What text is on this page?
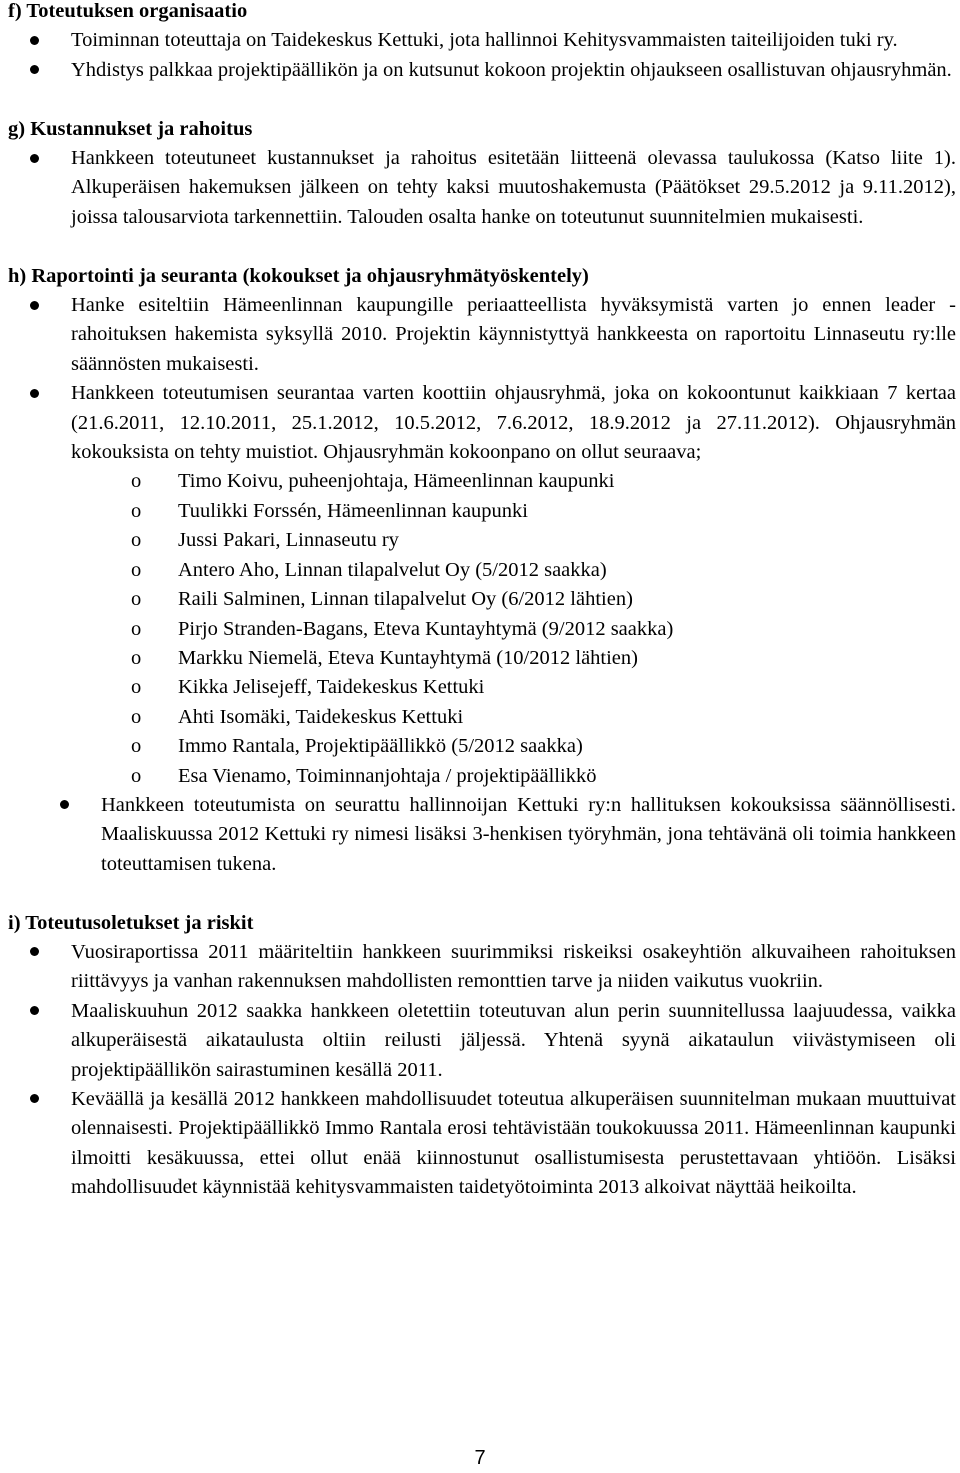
f) Toteutuksen organisaatio
Toiminnan toteuttaja on Taidekeskus Kettuki, jota hallinnoi Kehitysvammaisten taiteilijoiden tuki ry.
Yhdistys palkkaa projektipäällikön ja on kutsunut kokoon projektin ohjaukseen osallistuvan ohjausryhmän.
g) Kustannukset ja rahoitus
Hankkeen toteutuneet kustannukset ja rahoitus esitetään liitteenä olevassa taulukossa (Katso liite 1). Alkuperäisen hakemuksen jälkeen on tehty kaksi muutoshakemusta (Päätökset 29.5.2012 ja 9.11.2012), joissa talousarviota tarkennettiin. Talouden osalta hanke on toteutunut suunnitelmien mukaisesti.
h) Raportointi ja seuranta (kokoukset ja ohjausryhmätyöskentely)
Hanke esiteltiin Hämeenlinnan kaupungille periaatteellista hyväksymistä varten jo ennen leader -rahoituksen hakemista syksyllä 2010. Projektin käynnistyttyä hankkeesta on raportoitu Linnaseutu ry:lle säännösten mukaisesti.
Hankkeen toteutumisen seurantaa varten koottiin ohjausryhmä, joka on kokoontunut kaikkiaan 7 kertaa (21.6.2011, 12.10.2011, 25.1.2012, 10.5.2012, 7.6.2012, 18.9.2012 ja 27.11.2012). Ohjausryhmän kokouksista on tehty muistiot. Ohjausryhmän kokoonpano on ollut seuraava;
o Timo Koivu, puheenjohtaja, Hämeenlinnan kaupunki
o Tuulikki Forssén, Hämeenlinnan kaupunki
o Jussi Pakari, Linnaseutu ry
o Antero Aho, Linnan tilapalvelut Oy (5/2012 saakka)
o Raili Salminen, Linnan tilapalvelut Oy (6/2012 lähtien)
o Pirjo Stranden-Bagans, Eteva Kuntayhtymä (9/2012 saakka)
o Markku Niemelä, Eteva Kuntayhtymä (10/2012 lähtien)
o Kikka Jelisejeff, Taidekeskus Kettuki
o Ahti Isomäki, Taidekeskus Kettuki
o Immo Rantala, Projektipäällikkö (5/2012 saakka)
o Esa Vienamo, Toiminnanjohtaja / projektipäällikkö
Hankkeen toteutumista on seurattu hallinnoijan Kettuki ry:n hallituksen kokouksissa säännöllisesti. Maaliskuussa 2012 Kettuki ry nimesi lisäksi 3-henkisen työryhmän, jona tehtävänä oli toimia hankkeen toteuttamisen tukena.
i) Toteutusoletukset ja riskit
Vuosiraportissa 2011 määriteltiin hankkeen suurimmiksi riskeiksi osakeyhtiön alkuvaiheen rahoituksen riittävyys ja vanhan rakennuksen mahdollisten remonttien tarve ja niiden vaikutus vuokriin.
Maaliskuuhun 2012 saakka hankkeen oletettiin toteutuvan alun perin suunnitellussa laajuudessa, vaikka alkuperäisestä aikataulusta oltiin reilusti jäljessä. Yhtenä syynä aikataulun viivästymiseen oli projektipäällikön sairastuminen kesällä 2011.
Keväällä ja kesällä 2012 hankkeen mahdollisuudet toteutua alkuperäisen suunnitelman mukaan muuttuivat olennaisesti. Projektipäällikkö Immo Rantala erosi tehtävistään toukokuussa 2011. Hämeenlinnan kaupunki ilmoitti kesäkuussa, ettei ollut enää kiinnostunut osallistumisesta perustettavaan yhtiöön. Lisäksi mahdollisuudet käynnistää kehitysvammaisten taidetyötoiminta 2013 alkoivat näyttää heikoilta.
7
